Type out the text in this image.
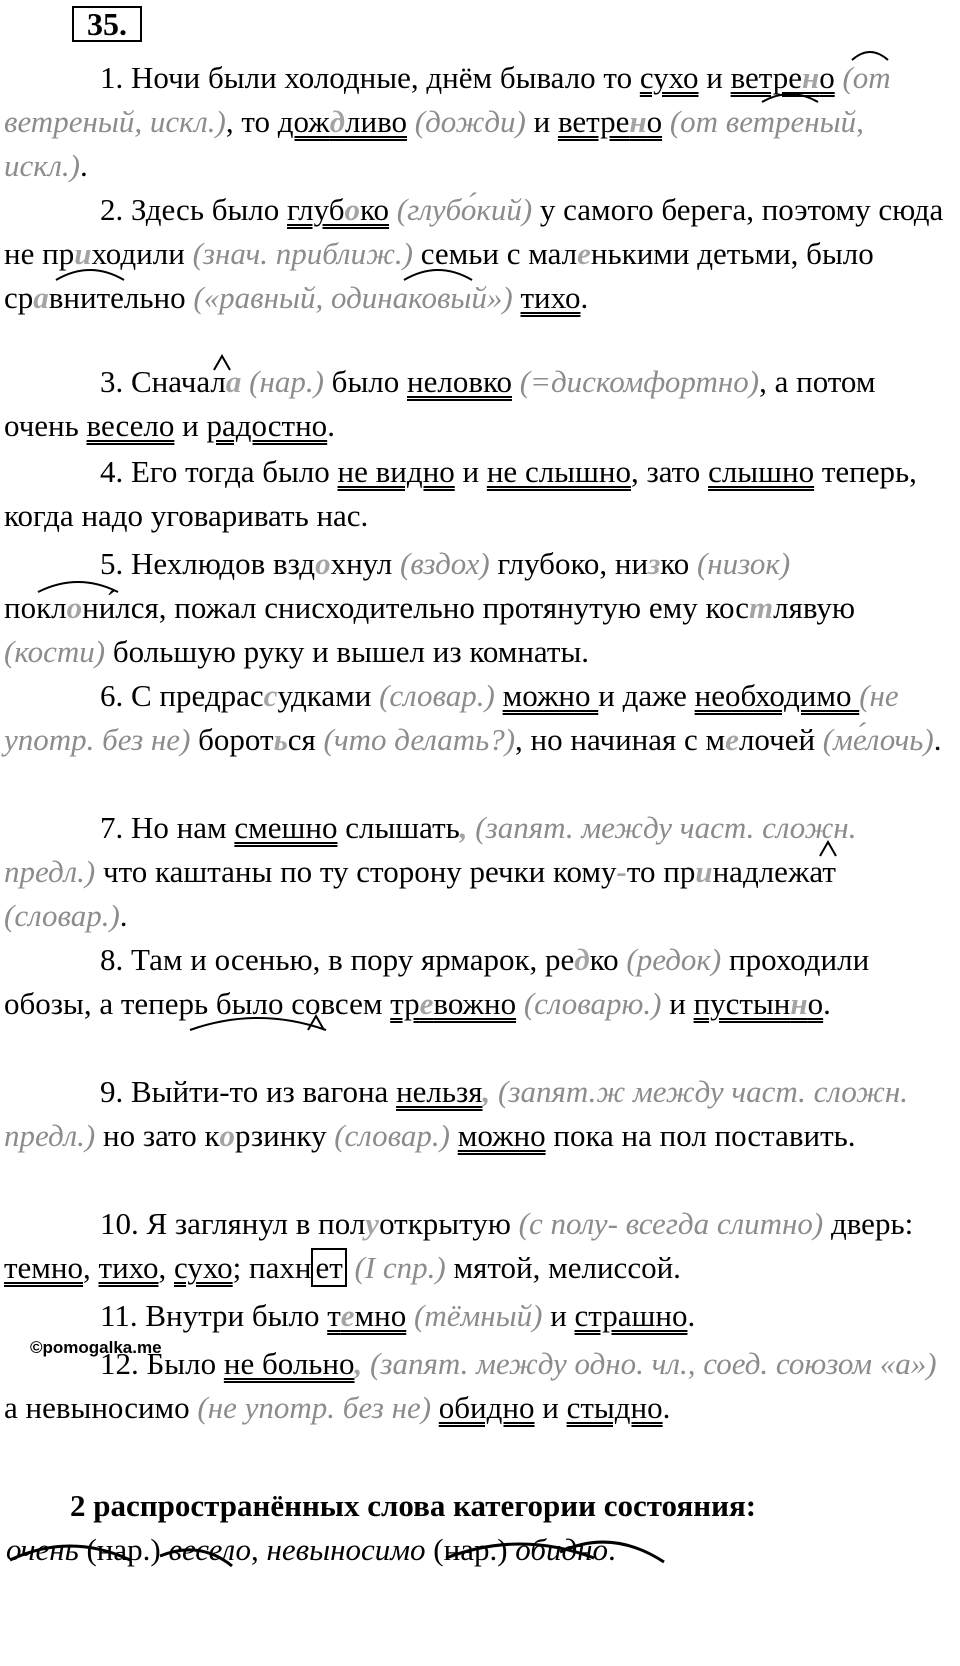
35.

1. Ночи были холодные, днём бывало то сухо и ветрено (от ветреный, искл.), то дождливо (дожди) и ветрено (от ветреный, искл.).

2. Здесь было глубоко (глубо́кий) у самого берега, поэтому сюда не приходили (знач. приближ.) семьи с маленькими детьми, было сравнительно («равный, одинаковый») тихо.

3. Сначала (нар.) было неловко (=дискомфортно), а потом очень весело и радостно.

4. Его тогда было не видно и не слышно, зато слышно теперь, когда надо уговаривать нас.

5. Нехлюдов вздохнул (вздох) глубоко, низко (низок) поклони́лся, пожал снисходительно протянутую ему костлявую (кости) большую руку и вышел из комнаты.

6. С предрассудками (словар.) можно и даже необходимо (не употр. без не) бороться (что делать?), но начиная с мелочей (ме́лочь).

7. Но нам смешно слышать, (запят. между част. сложн. предл.) что каштаны по ту сторону речки кому-то принадлежат (словар.).

8. Там и осенью, в пору ярмарок, редко (редок) проходили обозы, а теперь было совсем тревожно (словарю.) и пустынно.

9. Выйти-то из вагона нельзя, (запят.ж между част. сложн. предл.) но зато корзинку (словар.) можно пока на пол поставить.

10. Я заглянул в полуоткрытую (с полу- всегда слитно) дверь: темно, тихо, сухо; пахн ет (I спр.) мятой, мелиссой.

11. Внутри было темно (тёмный) и страшно.

©pomogalka.me

12. Было не больно, (запят. между одно. чл., соед. союзом «а») а невыносимо (не употр. без не) обидно и стыдно.

2 распространённых слова категории состояния:
очень (нар.) весело, невыносимо (нар.) обидно.
